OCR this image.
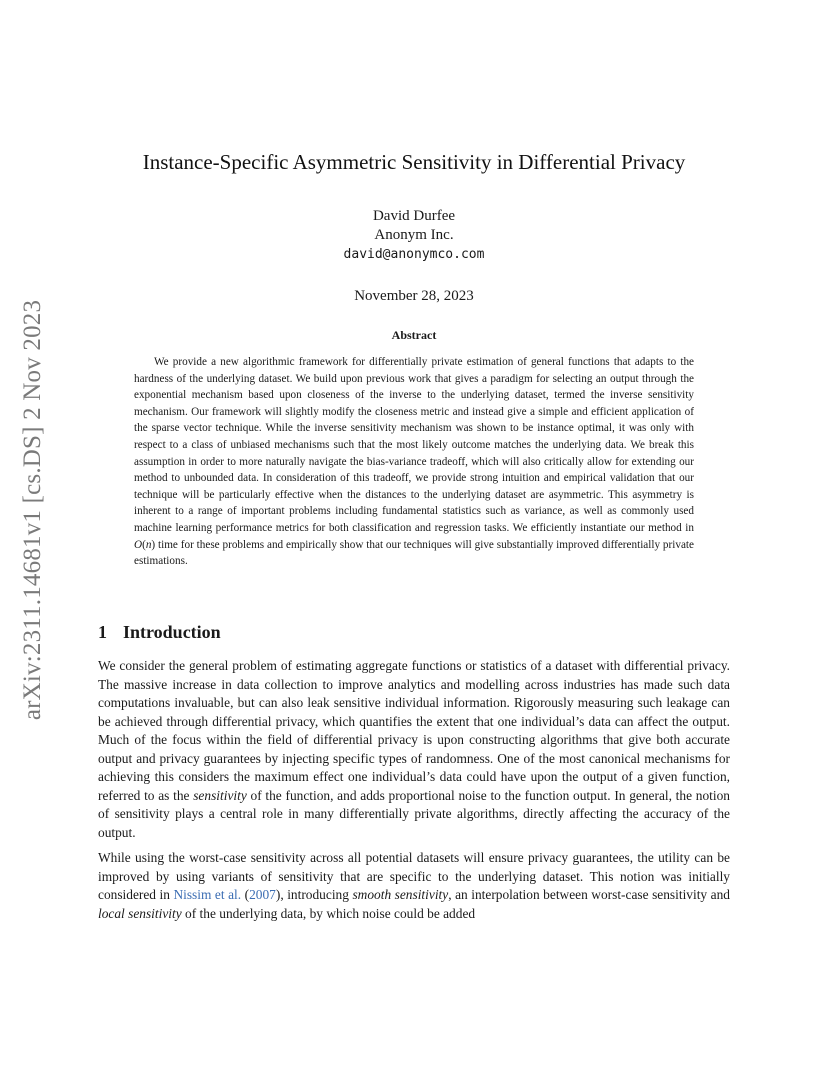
arXiv:2311.14681v1 [cs.DS] 2 Nov 2023
Instance-Specific Asymmetric Sensitivity in Differential Privacy
David Durfee
Anonym Inc.
david@anonymco.com
November 28, 2023
Abstract
We provide a new algorithmic framework for differentially private estimation of general functions that adapts to the hardness of the underlying dataset. We build upon previous work that gives a paradigm for selecting an output through the exponential mechanism based upon closeness of the inverse to the underlying dataset, termed the inverse sensitivity mechanism. Our framework will slightly modify the closeness metric and instead give a simple and efficient application of the sparse vector technique. While the inverse sensitivity mechanism was shown to be instance optimal, it was only with respect to a class of unbiased mechanisms such that the most likely outcome matches the underlying data. We break this assumption in order to more naturally navigate the bias-variance tradeoff, which will also critically allow for extending our method to unbounded data. In consideration of this tradeoff, we provide strong intuition and empirical validation that our technique will be particularly effective when the distances to the underlying dataset are asymmetric. This asymmetry is inherent to a range of important problems including fundamental statistics such as variance, as well as commonly used machine learning performance metrics for both classification and regression tasks. We efficiently instantiate our method in O(n) time for these problems and empirically show that our techniques will give substantially improved differentially private estimations.
1 Introduction

We consider the general problem of estimating aggregate functions or statistics of a dataset with differential privacy. The massive increase in data collection to improve analytics and modelling across industries has made such data computations invaluable, but can also leak sensitive individual information. Rigorously measuring such leakage can be achieved through differential privacy, which quantifies the extent that one individual’s data can affect the output. Much of the focus within the field of differential privacy is upon constructing algorithms that give both accurate output and privacy guarantees by injecting specific types of randomness. One of the most canonical mechanisms for achieving this considers the maximum effect one individual’s data could have upon the output of a given function, referred to as the sensitivity of the function, and adds proportional noise to the function output. In general, the notion of sensitivity plays a central role in many differentially private algorithms, directly affecting the accuracy of the output.

While using the worst-case sensitivity across all potential datasets will ensure privacy guarantees, the utility can be improved by using variants of sensitivity that are specific to the underlying dataset. This notion was initially considered in Nissim et al. (2007), introducing smooth sensitivity, an interpolation between worst-case sensitivity and local sensitivity of the underlying data, by which noise could be added
